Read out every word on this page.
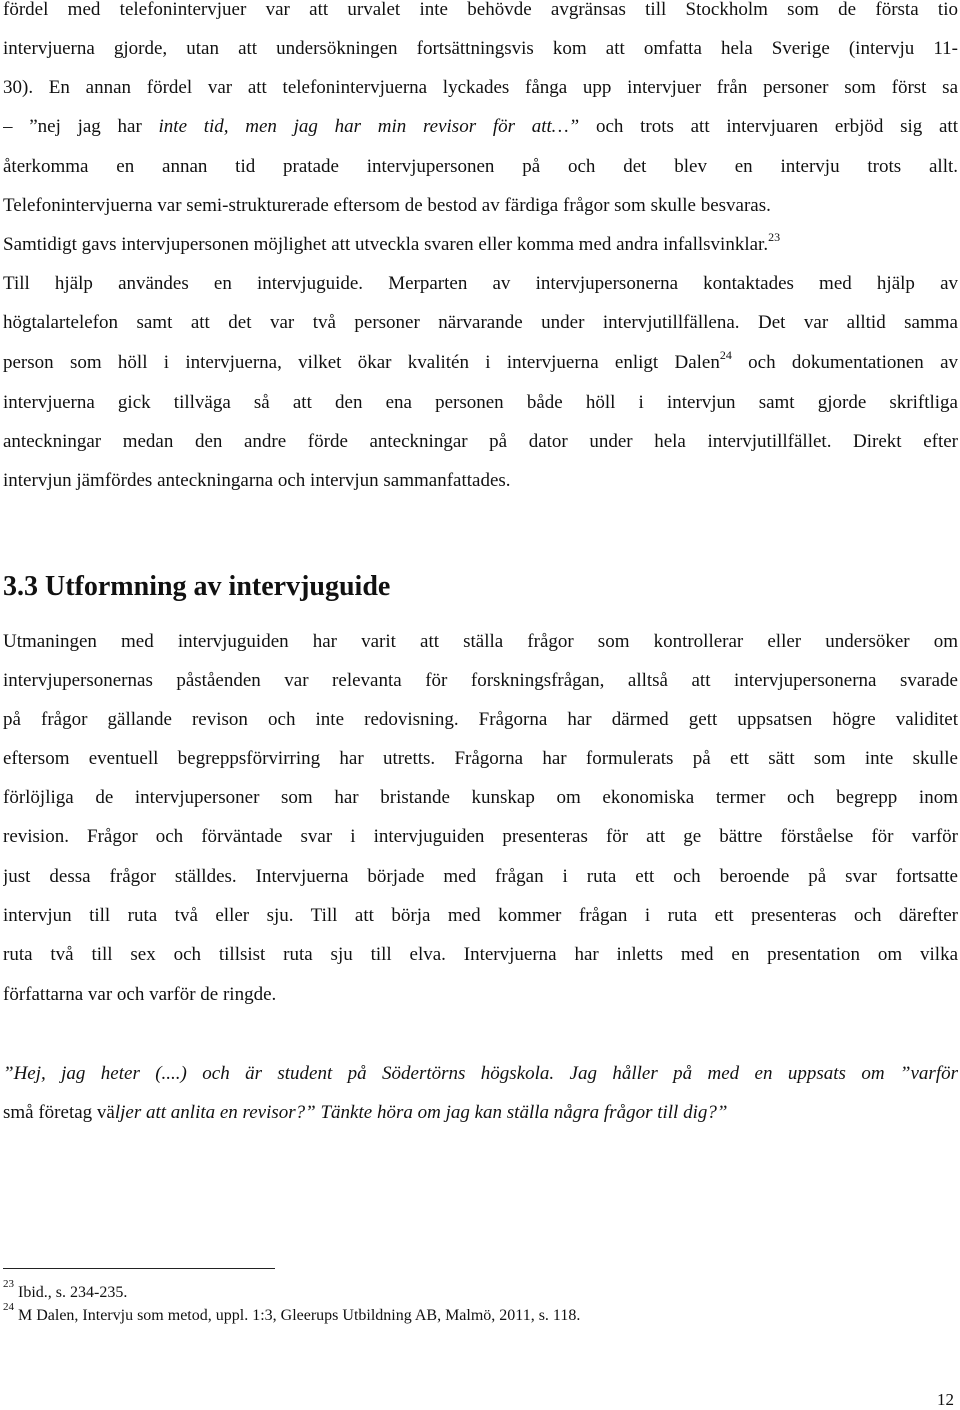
fördel med telefonintervjuer var att urvalet inte behövde avgränsas till Stockholm som de första tio
intervjuerna gjorde, utan att undersökningen fortsättningsvis kom att omfatta hela Sverige (intervju 11-
30). En annan fördel var att telefonintervjuerna lyckades fånga upp intervjuer från personer som först sa
– ”nej jag har inte tid, men jag har min revisor för att…” och trots att intervjuaren erbjöd sig att
återkomma en annan tid pratade intervjupersonen på och det blev en intervju trots allt.
Telefonintervjuerna var semi-strukturerade eftersom de bestod av färdiga frågor som skulle besvaras.
Samtidigt gavs intervjupersonen möjlighet att utveckla svaren eller komma med andra infallsvinklar.$^{23}$
Till hjälp användes en intervjuguide. Merparten av intervjupersonerna kontaktades med hjälp av
högtalartelefon samt att det var två personer närvarande under intervjutillfällena. Det var alltid samma
person som höll i intervjuerna, vilket ökar kvalitén i intervjuerna enligt Dalen$^{24}$ och dokumentationen av
intervjuerna gick tillväga så att den ena personen både höll i intervjun samt gjorde skriftliga
anteckningar medan den andre förde anteckningar på dator under hela intervjutillfället. Direkt efter
intervjun jämfördes anteckningarna och intervjun sammanfattades.
3.3 Utformning av intervjuguide
Utmaningen med intervjuguiden har varit att ställa frågor som kontrollerar eller undersöker om
intervjupersonernas påståenden var relevanta för forskningsfrågan, alltså att intervjupersonerna svarade
på frågor gällande revison och inte redovisning. Frågorna har därmed gett uppsatsen högre validitet
eftersom eventuell begreppsförvirring har utretts. Frågorna har formulerats på ett sätt som inte skulle
förlöjliga de intervjupersoner som har bristande kunskap om ekonomiska termer och begrepp inom
revision. Frågor och förväntade svar i intervjuguiden presenteras för att ge bättre förståelse för varför
just dessa frågor ställdes. Intervjuerna började med frågan i ruta ett och beroende på svar fortsatte
intervjun till ruta två eller sju. Till att börja med kommer frågan i ruta ett presenteras och därefter
ruta två till sex och tillsist ruta sju till elva. Intervjuerna har inletts med en presentation om vilka
författarna var och varför de ringde.
”Hej, jag heter (....) och är student på Södertörns högskola. Jag håller på med en uppsats om ”varför
små företag väljer att anlita en revisor?” Tänkte höra om jag kan ställa några frågor till dig?”
$^{23}$ Ibid., s. 234-235.
$^{24}$ M Dalen, Intervju som metod, uppl. 1:3, Gleerups Utbildning AB, Malmö, 2011, s. 118.
12
